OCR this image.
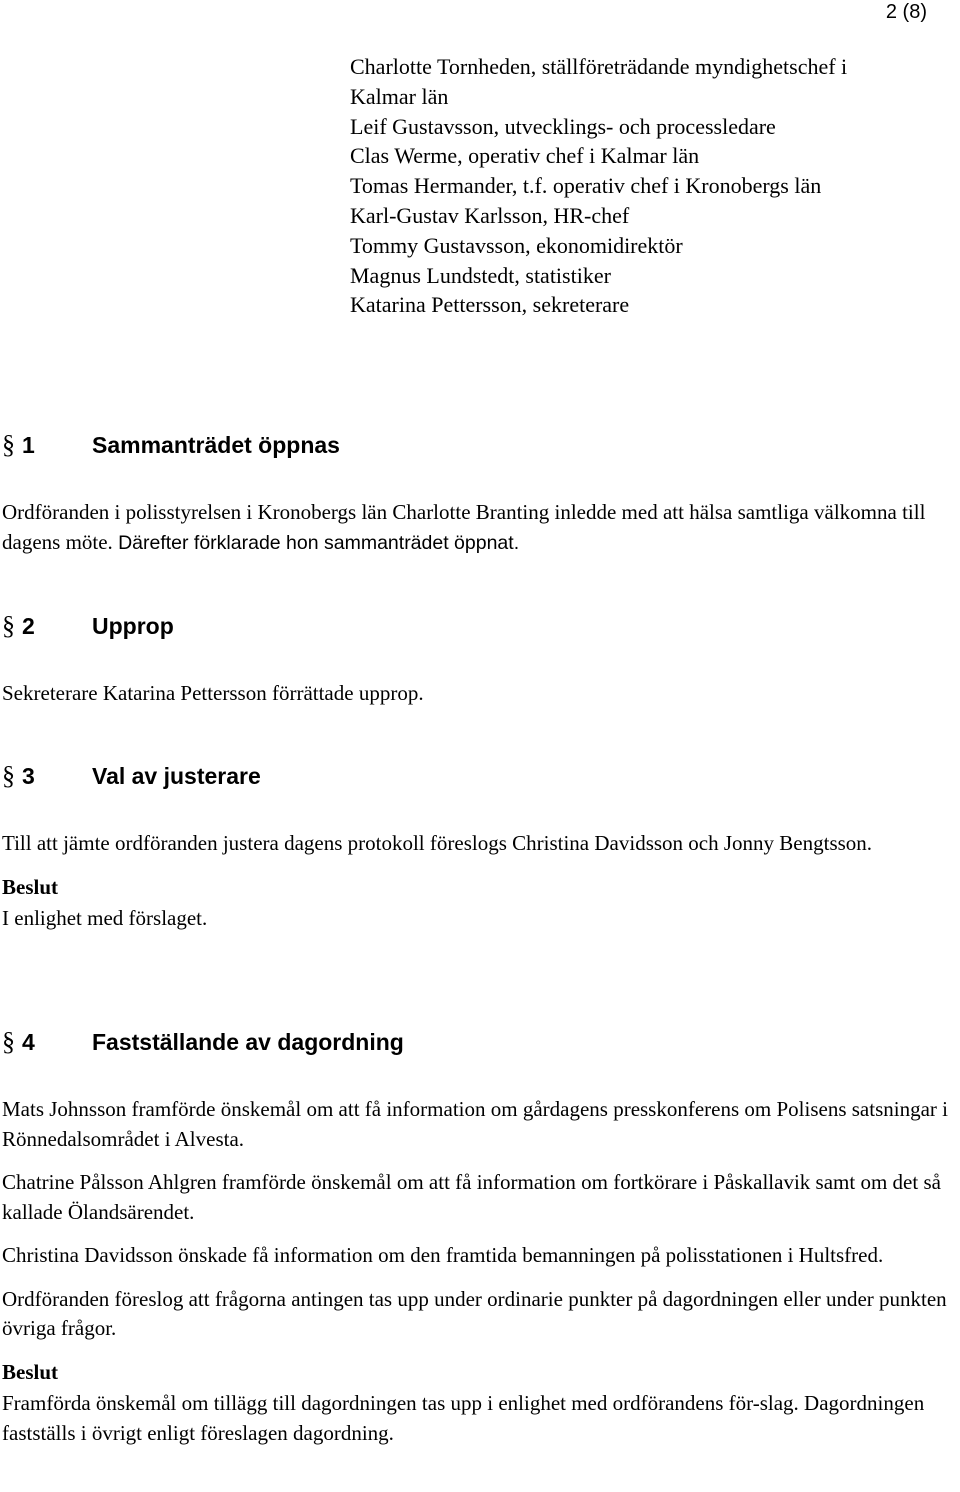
2 (8)
Charlotte Tornheden, ställföreträdande myndighetschef i
Kalmar län
Leif Gustavsson, utvecklings- och processledare
Clas Werme, operativ chef i Kalmar län
Tomas Hermander, t.f. operativ chef i Kronobergs län
Karl-Gustav Karlsson, HR-chef
Tommy Gustavsson, ekonomidirektör
Magnus Lundstedt, statistiker
Katarina Pettersson, sekreterare
§ 1	Sammanträdet öppnas

Ordföranden i polisstyrelsen i Kronobergs län Charlotte Branting inledde med att hälsa samtliga välkomna till dagens möte. Därefter förklarade hon sammanträdet öppnat.

§ 2	Upprop

Sekreterare Katarina Pettersson förrättade upprop.

§ 3	Val av justerare

Till att jämte ordföranden justera dagens protokoll föreslogs Christina Davidsson och Jonny Bengtsson.

Beslut

I enlighet med förslaget.

§ 4	Fastställande av dagordning

Mats Johnsson framförde önskemål om att få information om gårdagens presskonferens om Polisens satsningar i Rönnedalsområdet i Alvesta.

Chatrine Pålsson Ahlgren framförde önskemål om att få information om fortkörare i Påskallavik samt om det så kallade Ölandsärendet.

Christina Davidsson önskade få information om den framtida bemanningen på polisstationen i Hultsfred.

Ordföranden föreslog att frågorna antingen tas upp under ordinarie punkter på dagordningen eller under punkten övriga frågor.

Beslut

Framförda önskemål om tillägg till dagordningen tas upp i enlighet med ordförandens för-slag. Dagordningen fastställs i övrigt enligt föreslagen dagordning.
